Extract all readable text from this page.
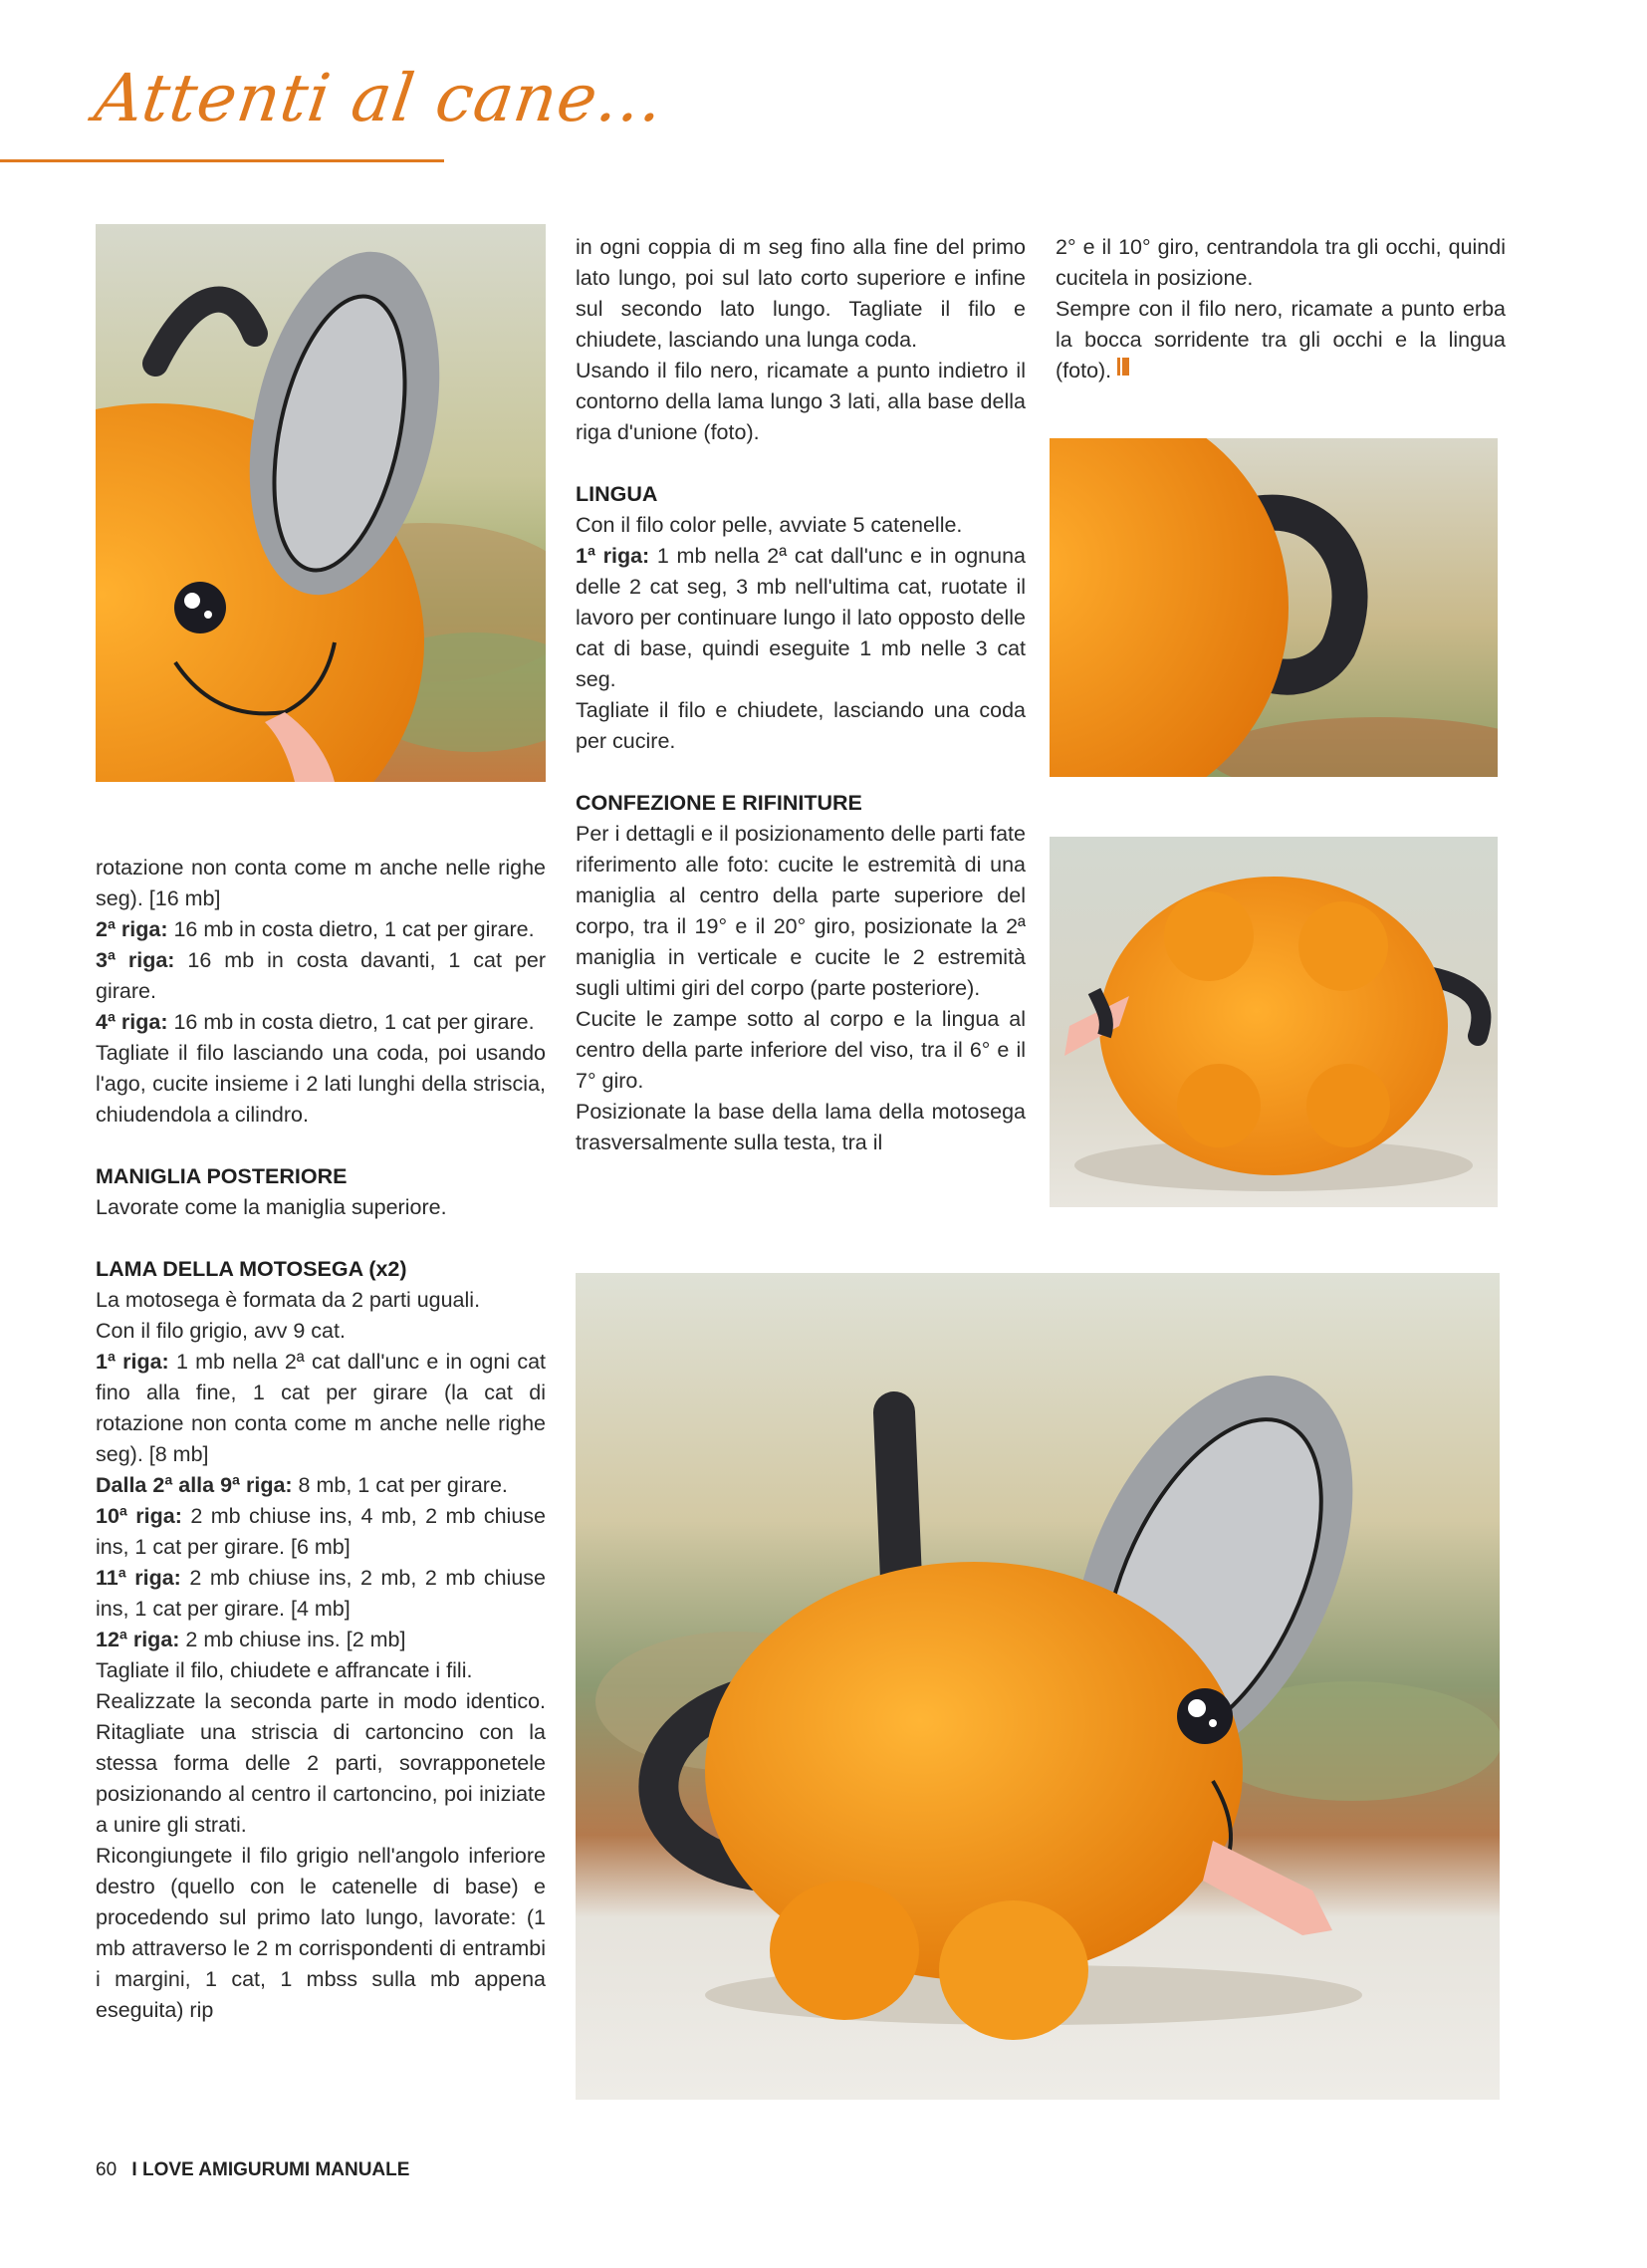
Attenti al cane...

rotazione non conta come m anche nelle righe seg). [16 mb]

2ª riga: 16 mb in costa dietro, 1 cat per girare.

3ª riga: 16 mb in costa davanti, 1 cat per girare.

4ª riga: 16 mb in costa dietro, 1 cat per girare.

Tagliate il filo lasciando una coda, poi usando l'ago, cucite insieme i 2 lati lunghi della striscia, chiudendola a cilindro.

MANIGLIA POSTERIORE

Lavorate come la maniglia superiore.

LAMA DELLA MOTOSEGA (x2)

La motosega è formata da 2 parti uguali.

Con il filo grigio, avv 9 cat.

1ª riga: 1 mb nella 2ª cat dall'unc e in ogni cat fino alla fine, 1 cat per girare (la cat di rotazione non conta come m anche nelle righe seg). [8 mb]

Dalla 2ª alla 9ª riga: 8 mb, 1 cat per girare.

10ª riga: 2 mb chiuse ins, 4 mb, 2 mb chiuse ins, 1 cat per girare. [6 mb]

11ª riga: 2 mb chiuse ins, 2 mb, 2 mb chiuse ins, 1 cat per girare. [4 mb]

12ª riga: 2 mb chiuse ins. [2 mb]

Tagliate il filo, chiudete e affrancate i fili.

Realizzate la seconda parte in modo identico. Ritagliate una striscia di cartoncino con la stessa forma delle 2 parti, sovrapponetele posizionando al centro il cartoncino, poi iniziate a unire gli strati.

Ricongiungete il filo grigio nell'angolo inferiore destro (quello con le catenelle di base) e procedendo sul primo lato lungo, lavorate: (1 mb attraverso le 2 m corrispondenti di entrambi i margini, 1 cat, 1 mbss sulla mb appena eseguita) rip

in ogni coppia di m seg fino alla fine del primo lato lungo, poi sul lato corto superiore e infine sul secondo lato lungo. Tagliate il filo e chiudete, lasciando una lunga coda.

Usando il filo nero, ricamate a punto indietro il contorno della lama lungo 3 lati, alla base della riga d'unione (foto).

LINGUA

Con il filo color pelle, avviate 5 catenelle.

1ª riga: 1 mb nella 2ª cat dall'unc e in ognuna delle 2 cat seg, 3 mb nell'ultima cat, ruotate il lavoro per continuare lungo il lato opposto delle cat di base, quindi eseguite 1 mb nelle 3 cat seg.

Tagliate il filo e chiudete, lasciando una coda per cucire.

CONFEZIONE E RIFINITURE

Per i dettagli e il posizionamento delle parti fate riferimento alle foto: cucite le estremità di una maniglia al centro della parte superiore del corpo, tra il 19° e il 20° giro, posizionate la 2ª maniglia in verticale e cucite le 2 estremità sugli ultimi giri del corpo (parte posteriore).

Cucite le zampe sotto al corpo e la lingua al centro della parte inferiore del viso, tra il 6° e il 7° giro.

Posizionate la base della lama della motosega trasversalmente sulla testa, tra il

2° e il 10° giro, centrandola tra gli occhi, quindi cucitela in posizione.

Sempre con il filo nero, ricamate a punto erba la bocca sorridente tra gli occhi e la lingua (foto).

60 I LOVE AMIGURUMI MANUALE
